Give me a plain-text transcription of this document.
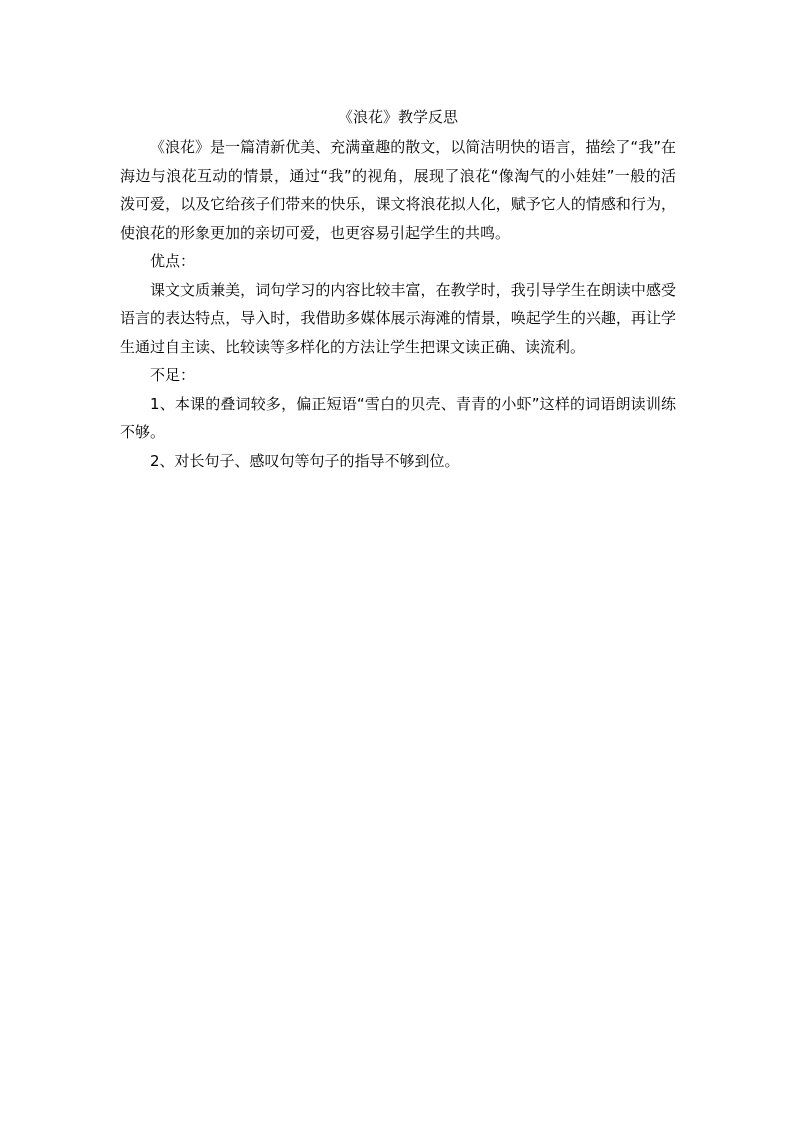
《浪花》教学反思

《浪花》是一篇清新优美、充满童趣的散文，以简洁明快的语言，描绘了“我”在海边与浪花互动的情景，通过“我”的视角，展现了浪花“像淘气的小娃娃”一般的活泼可爱，以及它给孩子们带来的快乐，课文将浪花拟人化，赋予它人的情感和行为，使浪花的形象更加的亲切可爱，也更容易引起学生的共鸣。

优点：

课文文质兼美，词句学习的内容比较丰富，在教学时，我引导学生在朗读中感受语言的表达特点，导入时，我借助多媒体展示海滩的情景，唤起学生的兴趣，再让学生通过自主读、比较读等多样化的方法让学生把课文读正确、读流利。

不足：

1、本课的叠词较多，偏正短语“雪白的贝壳、青青的小虾”这样的词语朗读训练不够。

2、对长句子、感叹句等句子的指导不够到位。
